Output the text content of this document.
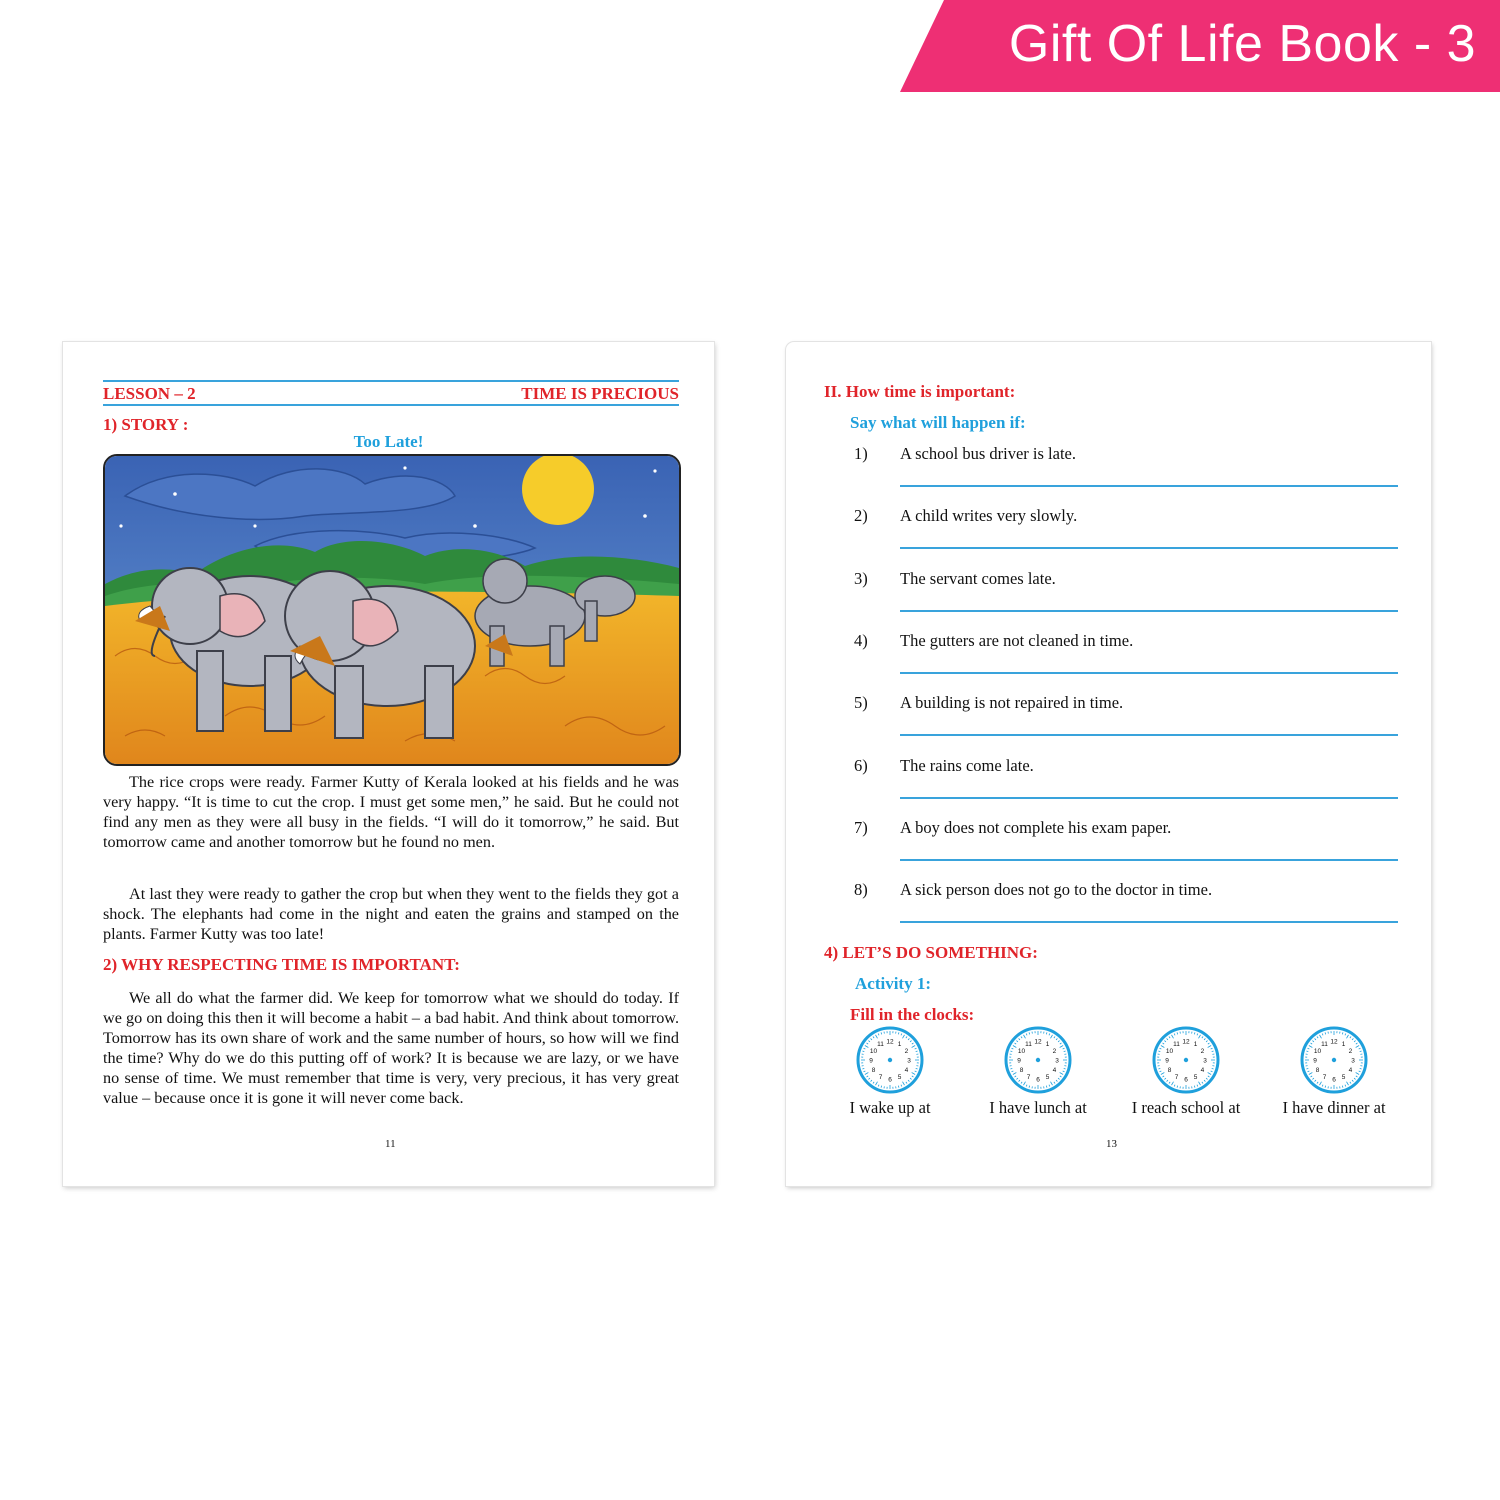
Gift Of Life Book - 3
LESSON – 2	TIME IS PRECIOUS
1) STORY :
Too Late!

The rice crops were ready. Farmer Kutty of Kerala looked at his fields and he was very happy. “It is time to cut the crop. I must get some men,” he said. But he could not find any men as they were all busy in the fields. “I will do it tomorrow,” he said. But tomorrow came and another tomorrow but he found no men.

At last they were ready to gather the crop but when they went to the fields they got a shock. The elephants had come in the night and eaten the grains and stamped on the plants. Farmer Kutty was too late!

2) WHY RESPECTING TIME IS IMPORTANT:

We all do what the farmer did. We keep for tomorrow what we should do today. If we go on doing this then it will become a habit – a bad habit. And think about tomorrow. Tomorrow has its own share of work and the same number of hours, so how will we find the time? Why do we do this putting off of work? It is because we are lazy, or we have no sense of time. We must remember that time is very, very precious, it has very great value – because once it is gone it will never come back.

11
II. How time is important:
Say what will happen if:
4) LET’S DO SOMETHING:
Activity 1:
Fill in the clocks:
13
1) A school bus driver is late.
2) A child writes very slowly.
3) The servant comes late.
4) The gutters are not cleaned in time.
5) A building is not repaired in time.
6) The rains come late.
7) A boy does not complete his exam paper.
8) A sick person does not go to the doctor in time.
12 1
2
3
4
5
6
7
8
9
10
11
I wake up at
12 1
2
3
4
5
6
7
8
9
10
11
I have lunch at
12 1
2
3
4
5
6
7
8
9
10
11
I reach school at
12 1
2
3
4
5
6
7
8
9
10
11
I have dinner at
